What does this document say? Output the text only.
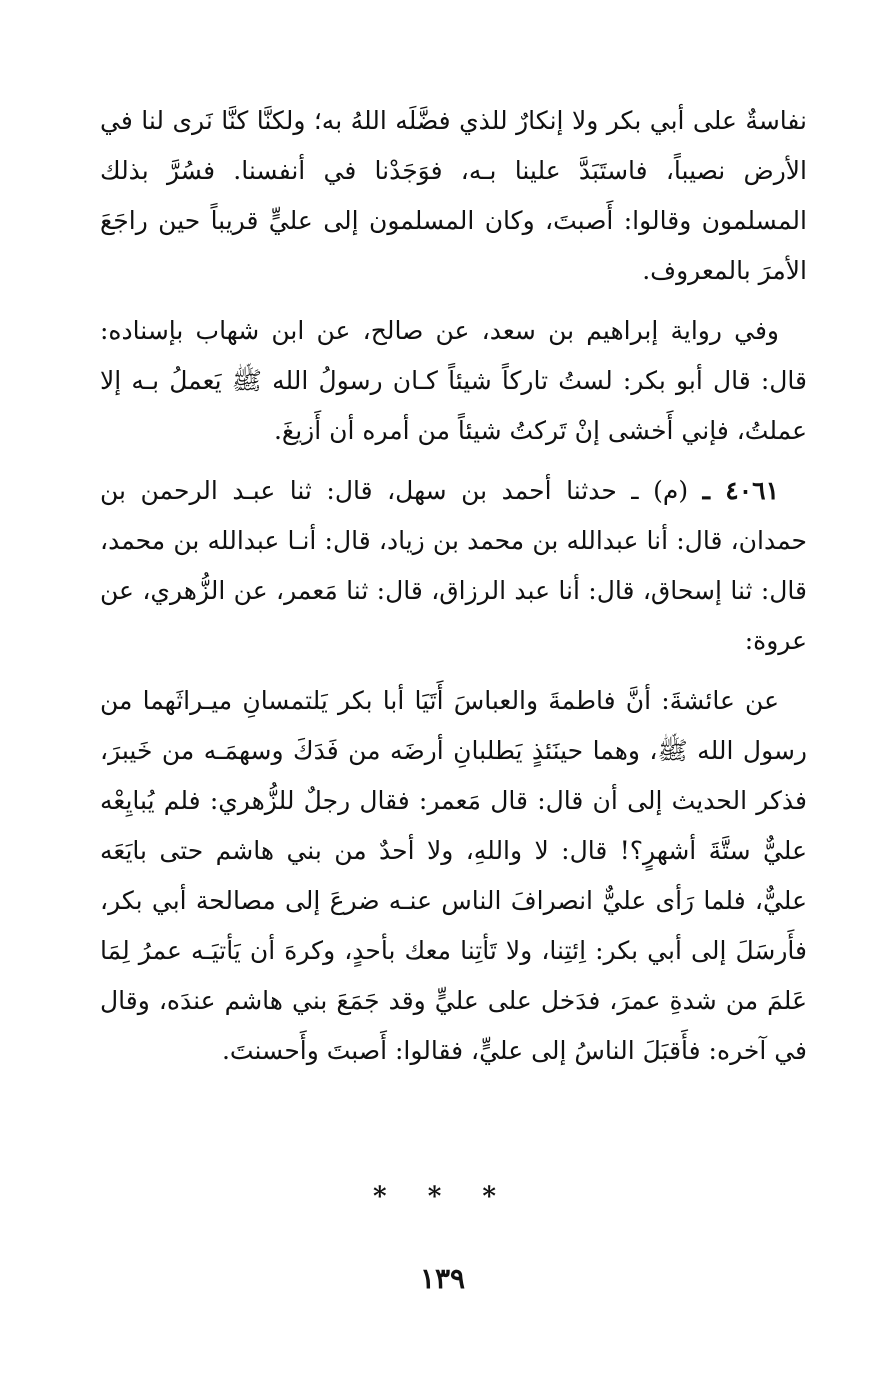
نفاسةٌ على أبي بكر ولا إنكارٌ للذي فضَّلَه اللهُ به؛ ولكنَّا كنَّا نَرى لنا في الأرض نصيباً، فاستَبَدَّ علينا بـه، فوَجَدْنا في أنفسنا. فسُرَّ بذلك المسلمون وقالوا: أَصبتَ، وكان المسلمون إلى عليٍّ قريباً حين راجَعَ الأمرَ بالمعروف.

وفي رواية إبراهيم بن سعد، عن صالح، عن ابن شهاب بإسناده: قال: قال أبو بكر: لستُ تاركاً شيئاً كـان رسولُ الله ﷺ يَعملُ بـه إلا عملتُ، فإني أَخشى إنْ تَركتُ شيئاً من أمره أن أَزيغَ.

٤٠٦١ ـ (م) ـ حدثنا أحمد بن سهل، قال: ثنا عبـد الرحمن بن حمدان، قال: أنا عبدالله بن محمد بن زياد، قال: أنـا عبدالله بن محمد، قال: ثنا إسحاق، قال: أنا عبد الرزاق، قال: ثنا مَعمر، عن الزُّهري، عن عروة:

عن عائشةَ: أنَّ فاطمةَ والعباسَ أَتَيَا أبا بكر يَلتمسانِ ميـراثَهما من رسول الله ﷺ، وهما حينَئذٍ يَطلبانِ أرضَه من فَدَكَ وسهمَـه من خَيبرَ، فذكر الحديث إلى أن قال: قال مَعمر: فقال رجلٌ للزُّهري: فلم يُبايِعْه عليٌّ ستَّةَ أشهرٍ؟! قال: لا واللهِ، ولا أحدٌ من بني هاشم حتى بايَعَه عليٌّ، فلما رَأى عليٌّ انصرافَ الناس عنـه ضرعَ إلى مصالحة أبي بكر، فأَرسَلَ إلى أبي بكر: اِئتِنا، ولا تَأتِنا معك بأحدٍ، وكرهَ أن يَأتيَـه عمرُ لِمَا عَلمَ من شدةِ عمرَ، فدَخل على عليٍّ وقد جَمَعَ بني هاشم عندَه، وقال في آخره: فأَقبَلَ الناسُ إلى عليٍّ، فقالوا: أَصبتَ وأَحسنتَ.

* * *
١٣٩
